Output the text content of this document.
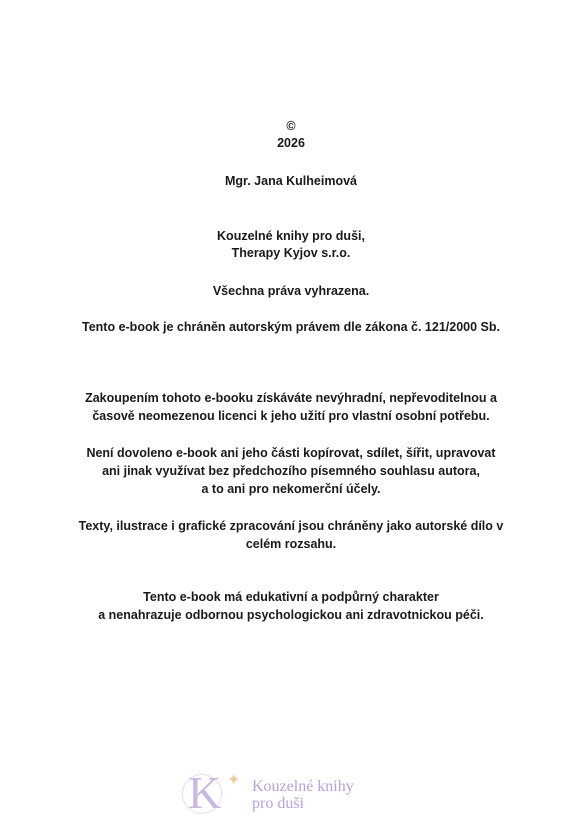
©
2026
Mgr. Jana Kulheimová
Kouzelné knihy pro duši,
Therapy Kyjov s.r.o.
Všechna práva vyhrazena.
Tento e-book je chráněn autorským právem dle zákona č. 121/2000 Sb.
Zakoupením tohoto e-booku získáváte nevýhradní, nepřevoditelnou a
časově neomezenou licenci k jeho užití pro vlastní osobní potřebu.
Není dovoleno e-book ani jeho části kopírovat, sdílet, šířit, upravovat
ani jinak využívat bez předchozího písemného souhlasu autora,
a to ani pro nekomerční účely.
Texty, ilustrace i grafické zpracování jsou chráněny jako autorské dílo v
celém rozsahu.
Tento e-book má edukativní a podpůrný charakter
a nenahrazuje odbornou psychologickou ani zdravotnickou péči.
K ✦ Kouzelné knihy
pro duši
